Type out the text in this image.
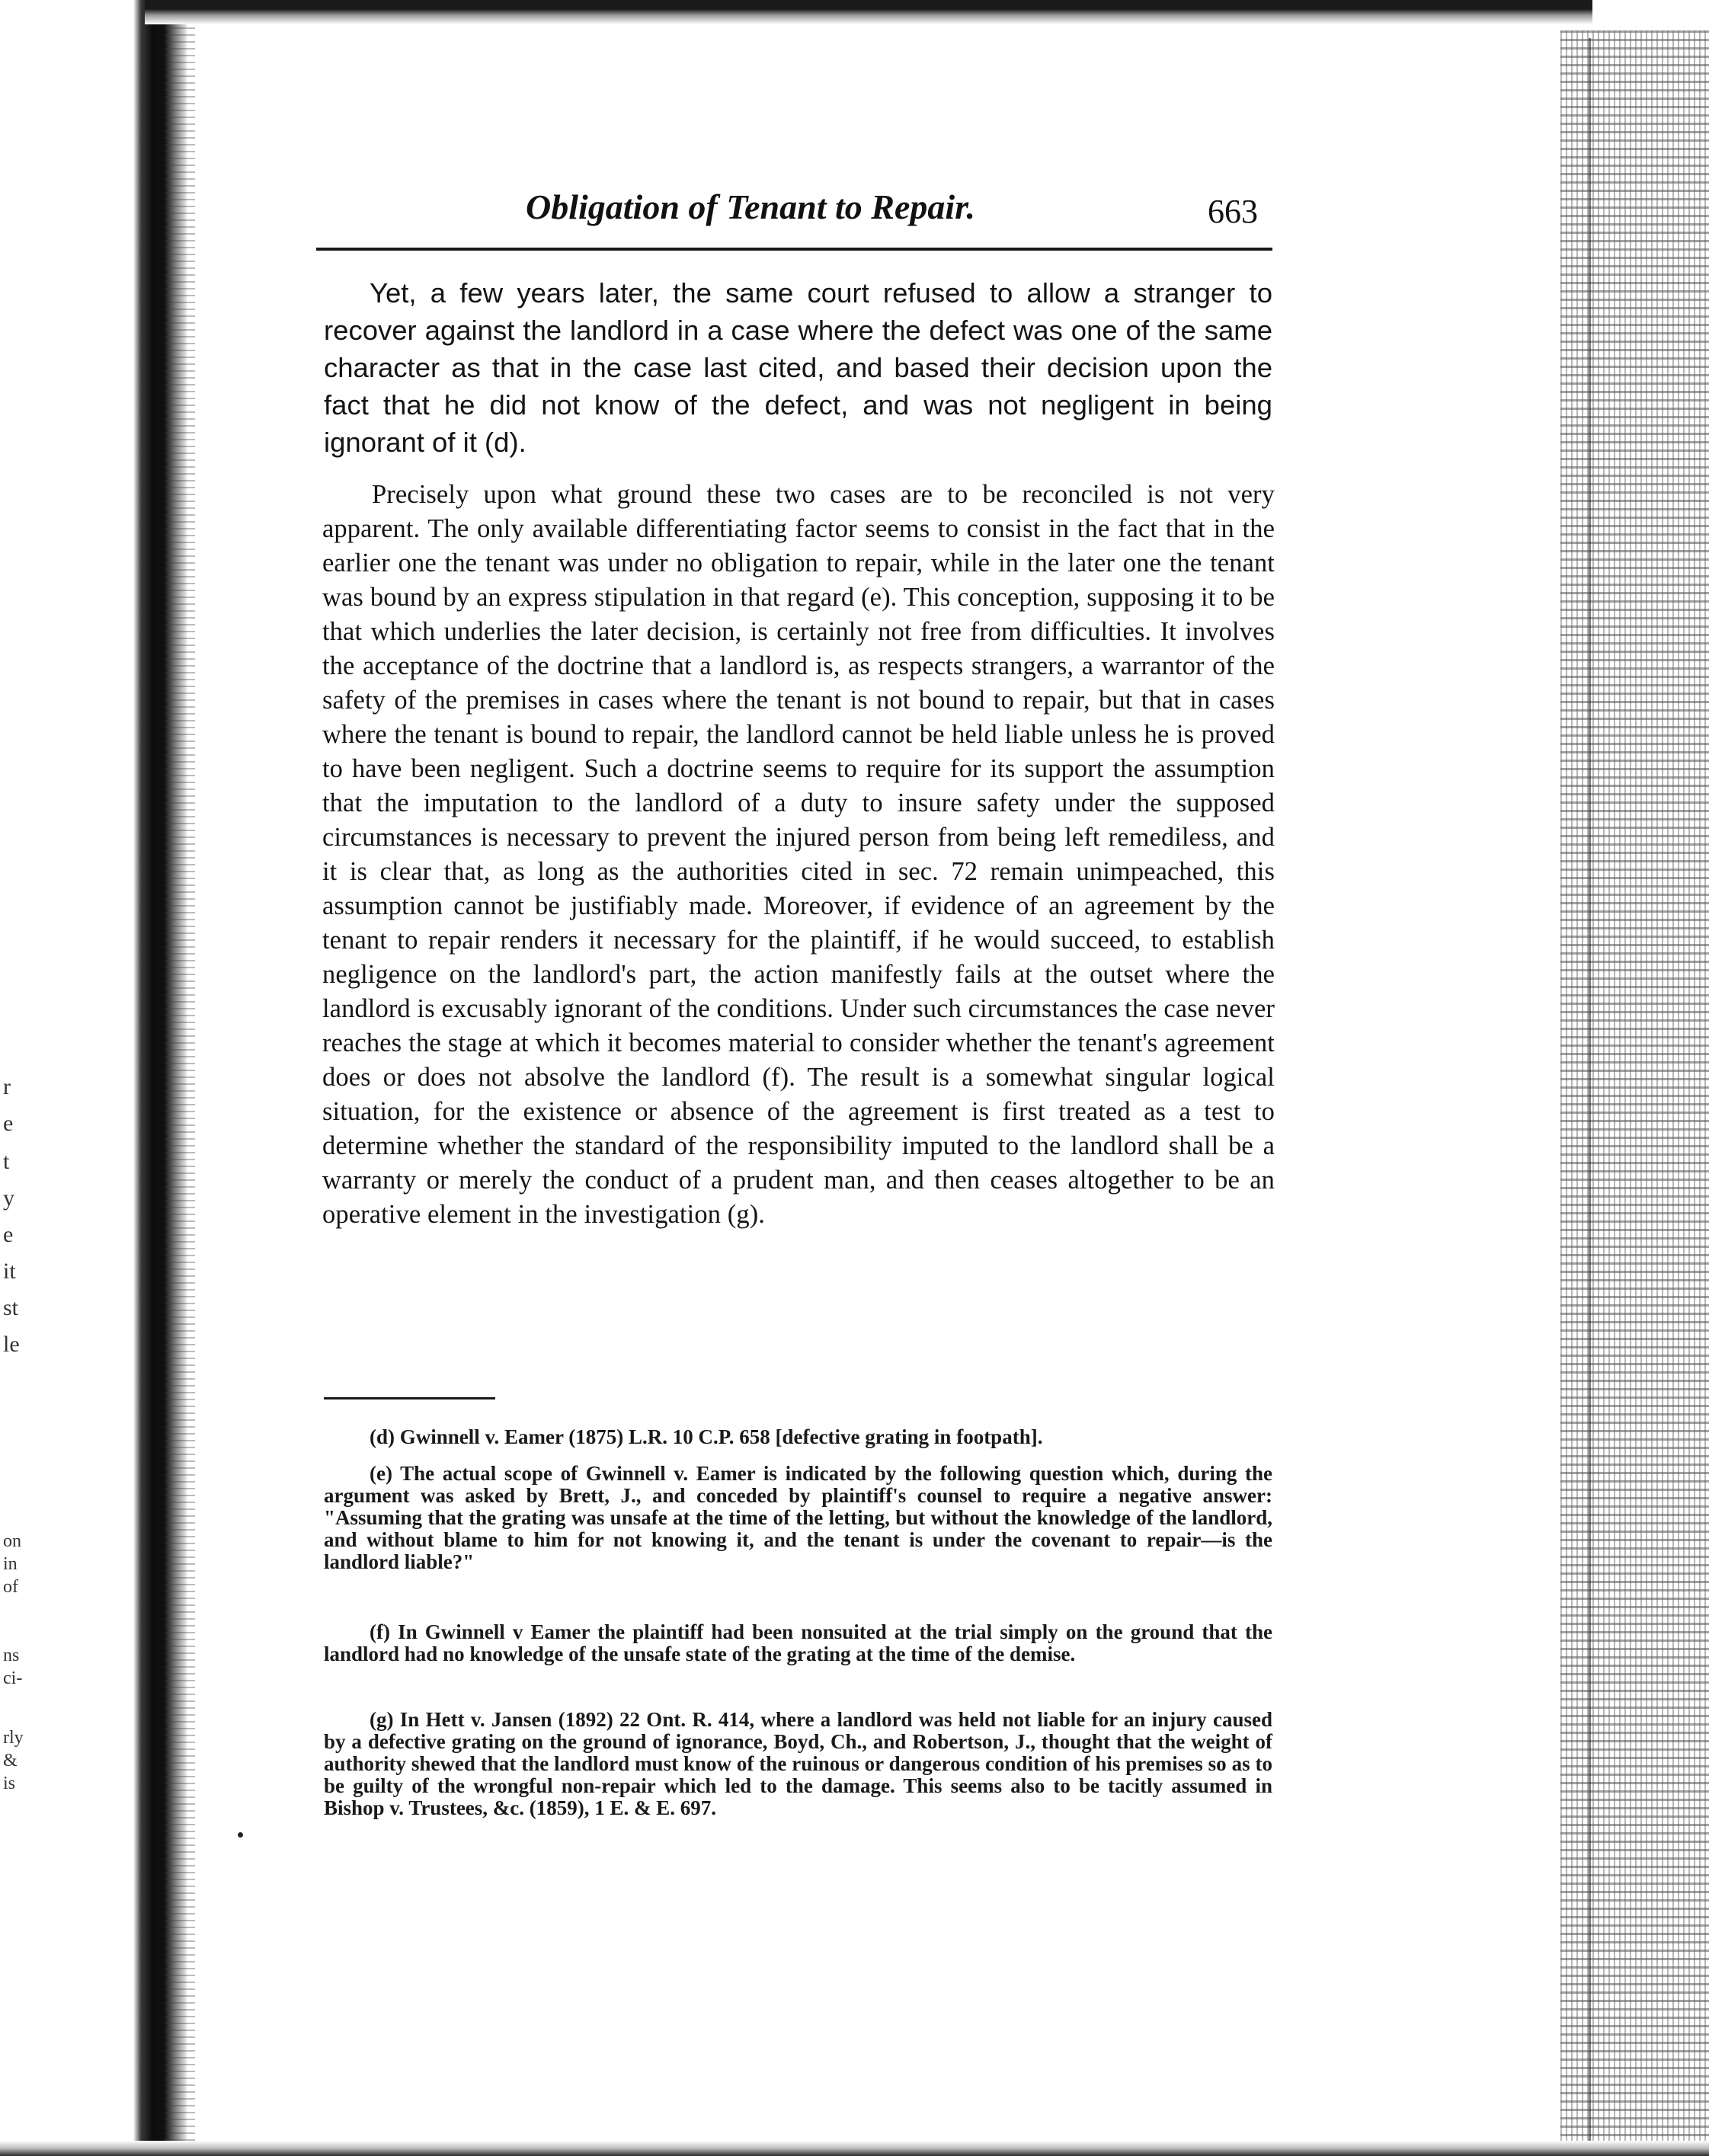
r
e
t
y
e
it
st
le
on
in
of
ns
ci-
rly
&
is
Obligation of Tenant to Repair.	663

Yet, a few years later, the same court refused to allow a stranger to recover against the landlord in a case where the defect was one of the same character as that in the case last cited, and based their decision upon the fact that he did not know of the defect, and was not negligent in being ignorant of it (d).

Precisely upon what ground these two cases are to be reconciled is not very apparent. The only available differentiating factor seems to consist in the fact that in the earlier one the tenant was under no obligation to repair, while in the later one the tenant was bound by an express stipulation in that regard (e). This conception, supposing it to be that which underlies the later decision, is certainly not free from difficulties. It involves the acceptance of the doctrine that a landlord is, as respects strangers, a warrantor of the safety of the premises in cases where the tenant is not bound to repair, but that in cases where the tenant is bound to repair, the landlord cannot be held liable unless he is proved to have been negligent. Such a doctrine seems to require for its support the assumption that the imputation to the landlord of a duty to insure safety under the supposed circumstances is necessary to prevent the injured person from being left remediless, and it is clear that, as long as the authorities cited in sec. 72 remain unimpeached, this assumption cannot be justifiably made. Moreover, if evidence of an agreement by the tenant to repair renders it necessary for the plaintiff, if he would succeed, to establish negligence on the landlord's part, the action manifestly fails at the outset where the landlord is excusably ignorant of the conditions. Under such circumstances the case never reaches the stage at which it becomes material to consider whether the tenant's agreement does or does not absolve the landlord (f). The result is a somewhat singular logical situation, for the existence or absence of the agreement is first treated as a test to determine whether the standard of the responsibility imputed to the landlord shall be a warranty or merely the conduct of a prudent man, and then ceases altogether to be an operative element in the investigation (g).

(d) Gwinnell v. Eamer (1875) L.R. 10 C.P. 658 [defective grating in footpath].

(e) The actual scope of Gwinnell v. Eamer is indicated by the following question which, during the argument was asked by Brett, J., and conceded by plaintiff's counsel to require a negative answer: "Assuming that the grating was unsafe at the time of the letting, but without the knowledge of the landlord, and without blame to him for not knowing it, and the tenant is under the covenant to repair—is the landlord liable?"

(f) In Gwinnell v Eamer the plaintiff had been nonsuited at the trial simply on the ground that the landlord had no knowledge of the unsafe state of the grating at the time of the demise.

(g) In Hett v. Jansen (1892) 22 Ont. R. 414, where a landlord was held not liable for an injury caused by a defective grating on the ground of ignorance, Boyd, Ch., and Robertson, J., thought that the weight of authority shewed that the landlord must know of the ruinous or dangerous condition of his premises so as to be guilty of the wrongful non-repair which led to the damage. This seems also to be tacitly assumed in Bishop v. Trustees, &c. (1859), 1 E. & E. 697.
